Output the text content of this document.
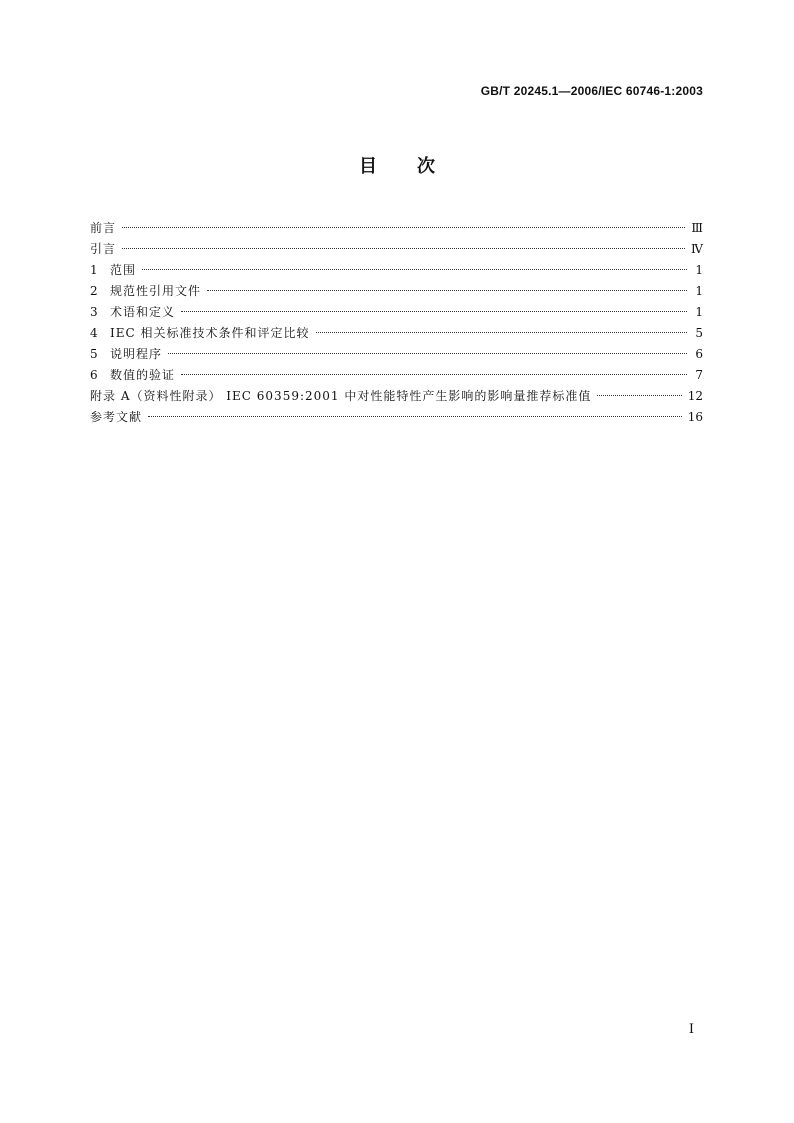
GB/T 20245.1—2006/IEC 60746-1:2003
目 次
前言	Ⅲ
引言	Ⅳ
1	范围	1
2	规范性引用文件	1
3	术语和定义	1
4	IEC 相关标准技术条件和评定比较	5
5	说明程序	6
6	数值的验证	7
附录 A（资料性附录） IEC 60359:2001 中对性能特性产生影响的影响量推荐标准值	12
参考文献	16
I
